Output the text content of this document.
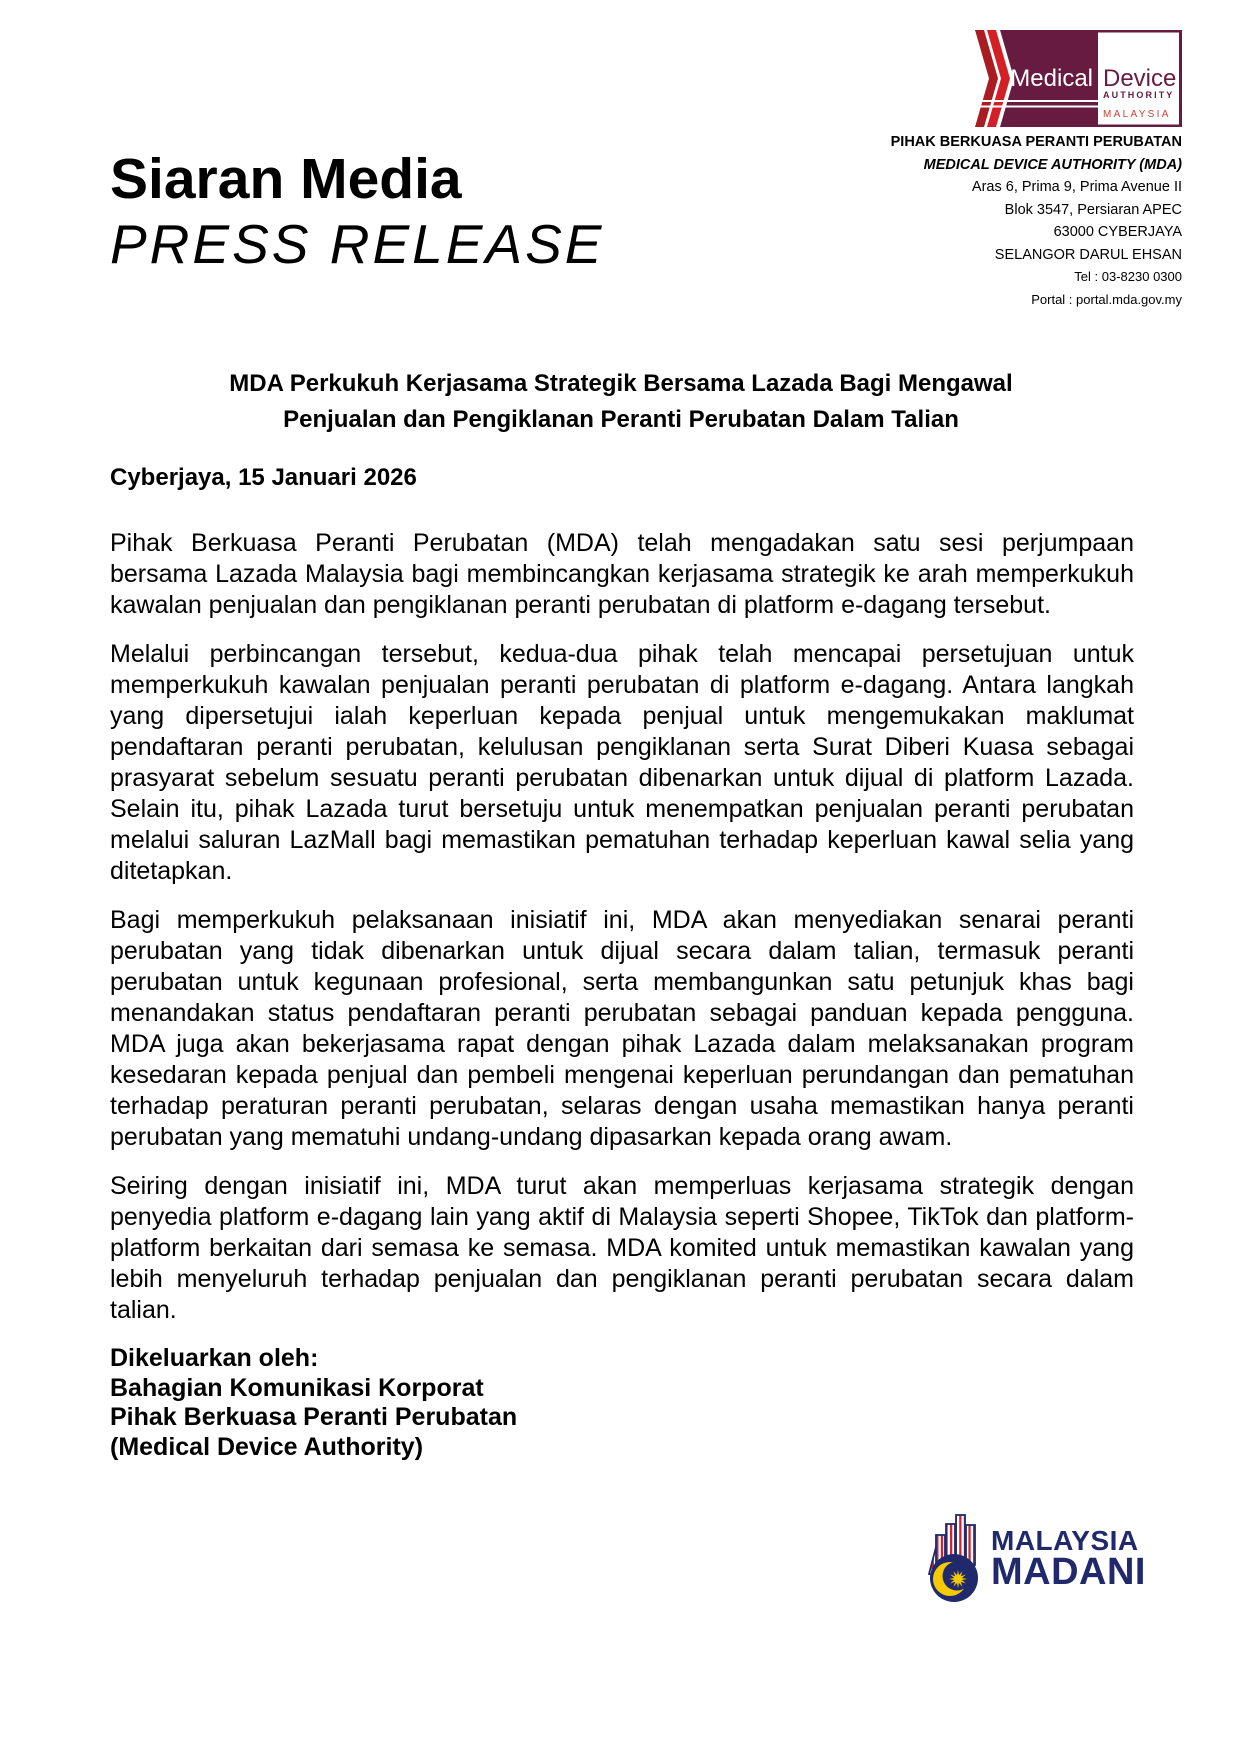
Siaran Media
PRESS RELEASE
Medical Device
AUTHORITY
MALAYSIA
PIHAK BERKUASA PERANTI PERUBATAN
MEDICAL DEVICE AUTHORITY (MDA)
Aras 6, Prima 9, Prima Avenue II
Blok 3547, Persiaran APEC
63000 CYBERJAYA
SELANGOR DARUL EHSAN
Tel : 03-8230 0300
Portal : portal.mda.gov.my
MDA Perkukuh Kerjasama Strategik Bersama Lazada Bagi Mengawal
Penjualan dan Pengiklanan Peranti Perubatan Dalam Talian
Cyberjaya, 15 Januari 2026

Pihak Berkuasa Peranti Perubatan (MDA) telah mengadakan satu sesi perjumpaan bersama Lazada Malaysia bagi membincangkan kerjasama strategik ke arah memperkukuh kawalan penjualan dan pengiklanan peranti perubatan di platform e-dagang tersebut.

Melalui perbincangan tersebut, kedua-dua pihak telah mencapai persetujuan untuk memperkukuh kawalan penjualan peranti perubatan di platform e-dagang. Antara langkah yang dipersetujui ialah keperluan kepada penjual untuk mengemukakan maklumat pendaftaran peranti perubatan, kelulusan pengiklanan serta Surat Diberi Kuasa sebagai prasyarat sebelum sesuatu peranti perubatan dibenarkan untuk dijual di platform Lazada. Selain itu, pihak Lazada turut bersetuju untuk menempatkan penjualan peranti perubatan melalui saluran LazMall bagi memastikan pematuhan terhadap keperluan kawal selia yang ditetapkan.

Bagi memperkukuh pelaksanaan inisiatif ini, MDA akan menyediakan senarai peranti perubatan yang tidak dibenarkan untuk dijual secara dalam talian, termasuk peranti perubatan untuk kegunaan profesional, serta membangunkan satu petunjuk khas bagi menandakan status pendaftaran peranti perubatan sebagai panduan kepada pengguna. MDA juga akan bekerjasama rapat dengan pihak Lazada dalam melaksanakan program kesedaran kepada penjual dan pembeli mengenai keperluan perundangan dan pematuhan terhadap peraturan peranti perubatan, selaras dengan usaha memastikan hanya peranti perubatan yang mematuhi undang-undang dipasarkan kepada orang awam.

Seiring dengan inisiatif ini, MDA turut akan memperluas kerjasama strategik dengan penyedia platform e-dagang lain yang aktif di Malaysia seperti Shopee, TikTok dan platform-platform berkaitan dari semasa ke semasa. MDA komited untuk memastikan kawalan yang lebih menyeluruh terhadap penjualan dan pengiklanan peranti perubatan secara dalam talian.

Dikeluarkan oleh:
Bahagian Komunikasi Korporat
Pihak Berkuasa Peranti Perubatan
(Medical Device Authority)
MALAYSIA
MADANI
